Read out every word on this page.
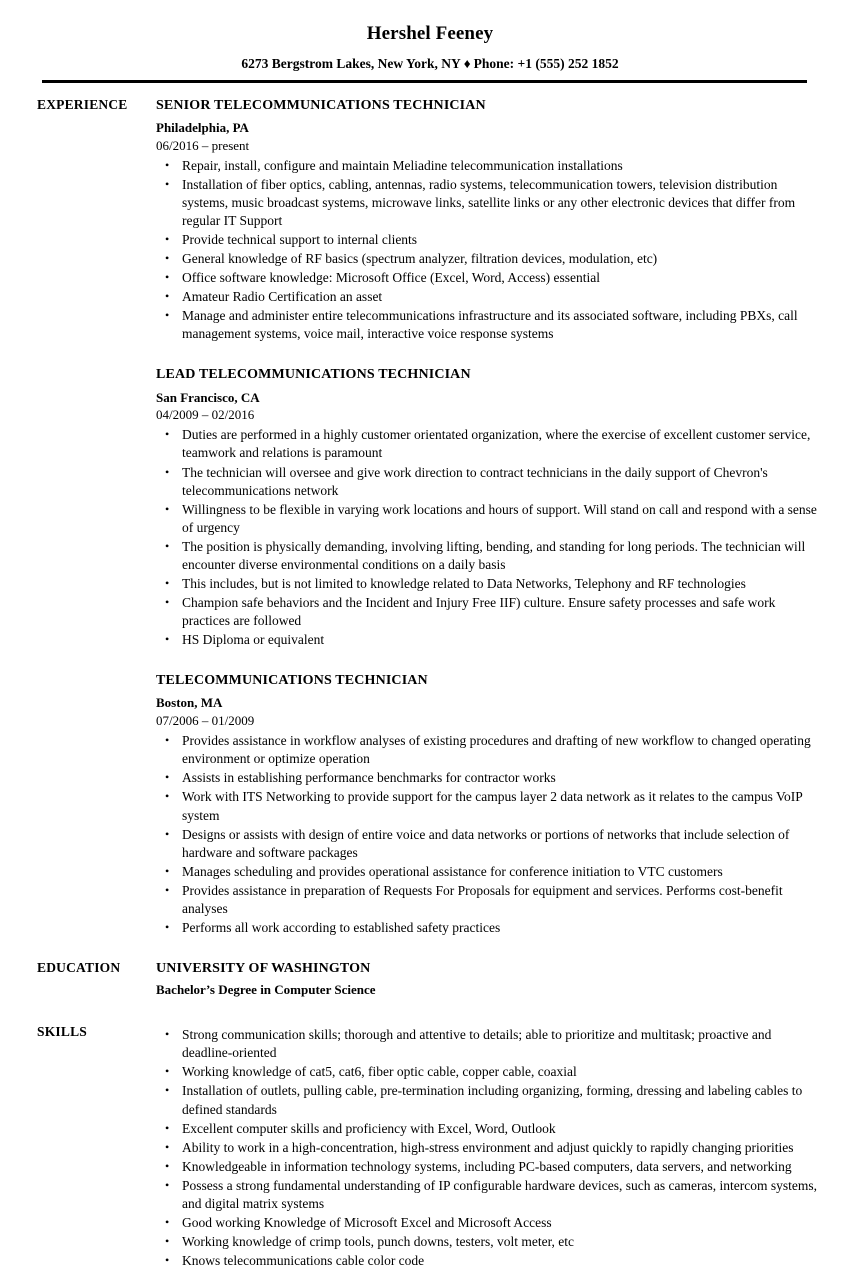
Hershel Feeney
6273 Bergstrom Lakes, New York, NY ♦ Phone: +1 (555) 252 1852
EXPERIENCE	SENIOR TELECOMMUNICATIONS TECHNICIAN
Philadelphia, PA
06/2016 – present
• Repair, install, configure and maintain Meliadine telecommunication installations
• Installation of fiber optics, cabling, antennas, radio systems, telecommunication towers, television distribution systems, music broadcast systems, microwave links, satellite links or any other electronic devices that differ from regular IT Support
• Provide technical support to internal clients
• General knowledge of RF basics (spectrum analyzer, filtration devices, modulation, etc)
• Office software knowledge: Microsoft Office (Excel, Word, Access) essential
• Amateur Radio Certification an asset
• Manage and administer entire telecommunications infrastructure and its associated software, including PBXs, call management systems, voice mail, interactive voice response systems
LEAD TELECOMMUNICATIONS TECHNICIAN
San Francisco, CA
04/2009 – 02/2016
• Duties are performed in a highly customer orientated organization, where the exercise of excellent customer service, teamwork and relations is paramount
• The technician will oversee and give work direction to contract technicians in the daily support of Chevron's telecommunications network
• Willingness to be flexible in varying work locations and hours of support. Will stand on call and respond with a sense of urgency
• The position is physically demanding, involving lifting, bending, and standing for long periods. The technician will encounter diverse environmental conditions on a daily basis
• This includes, but is not limited to knowledge related to Data Networks, Telephony and RF technologies
• Champion safe behaviors and the Incident and Injury Free IIF) culture. Ensure safety processes and safe work practices are followed
• HS Diploma or equivalent
TELECOMMUNICATIONS TECHNICIAN
Boston, MA
07/2006 – 01/2009
• Provides assistance in workflow analyses of existing procedures and drafting of new workflow to changed operating environment or optimize operation
• Assists in establishing performance benchmarks for contractor works
• Work with ITS Networking to provide support for the campus layer 2 data network as it relates to the campus VoIP system
• Designs or assists with design of entire voice and data networks or portions of networks that include selection of hardware and software packages
• Manages scheduling and provides operational assistance for conference initiation to VTC customers
• Provides assistance in preparation of Requests For Proposals for equipment and services. Performs cost-benefit analyses
• Performs all work according to established safety practices
EDUCATION	UNIVERSITY OF WASHINGTON
Bachelor’s Degree in Computer Science
SKILLS	• Strong communication skills; thorough and attentive to details; able to prioritize and multitask; proactive and deadline-oriented
• Working knowledge of cat5, cat6, fiber optic cable, copper cable, coaxial
• Installation of outlets, pulling cable, pre-termination including organizing, forming, dressing and labeling cables to defined standards
• Excellent computer skills and proficiency with Excel, Word, Outlook
• Ability to work in a high-concentration, high-stress environment and adjust quickly to rapidly changing priorities
• Knowledgeable in information technology systems, including PC-based computers, data servers, and networking
• Possess a strong fundamental understanding of IP configurable hardware devices, such as cameras, intercom systems, and digital matrix systems
• Good working Knowledge of Microsoft Excel and Microsoft Access
• Working knowledge of crimp tools, punch downs, testers, volt meter, etc
• Knows telecommunications cable color code
